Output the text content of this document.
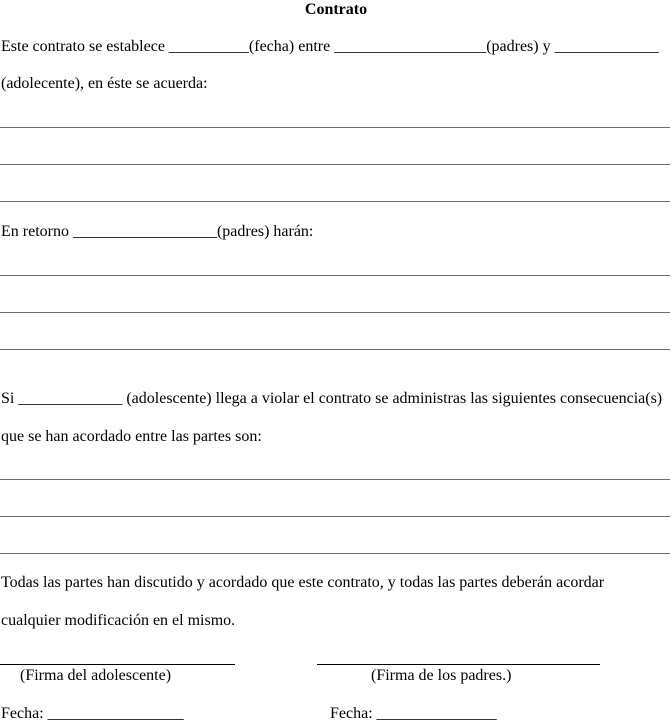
Contrato
Este contrato se establece __________(fecha) entre ___________________(padres) y _____________
(adolecente), en éste se acuerda:
En retorno __________________(padres) harán:
Si _____________ (adolescente) llega a violar el contrato se administras las siguientes consecuencia(s)
que se han acordado entre las partes son:
Todas las partes han discutido y acordado que este contrato, y todas las partes deberán acordar
cualquier modificación en el mismo.
(Firma del adolescente)	(Firma de los padres.)
Fecha: _________________	Fecha: _______________
